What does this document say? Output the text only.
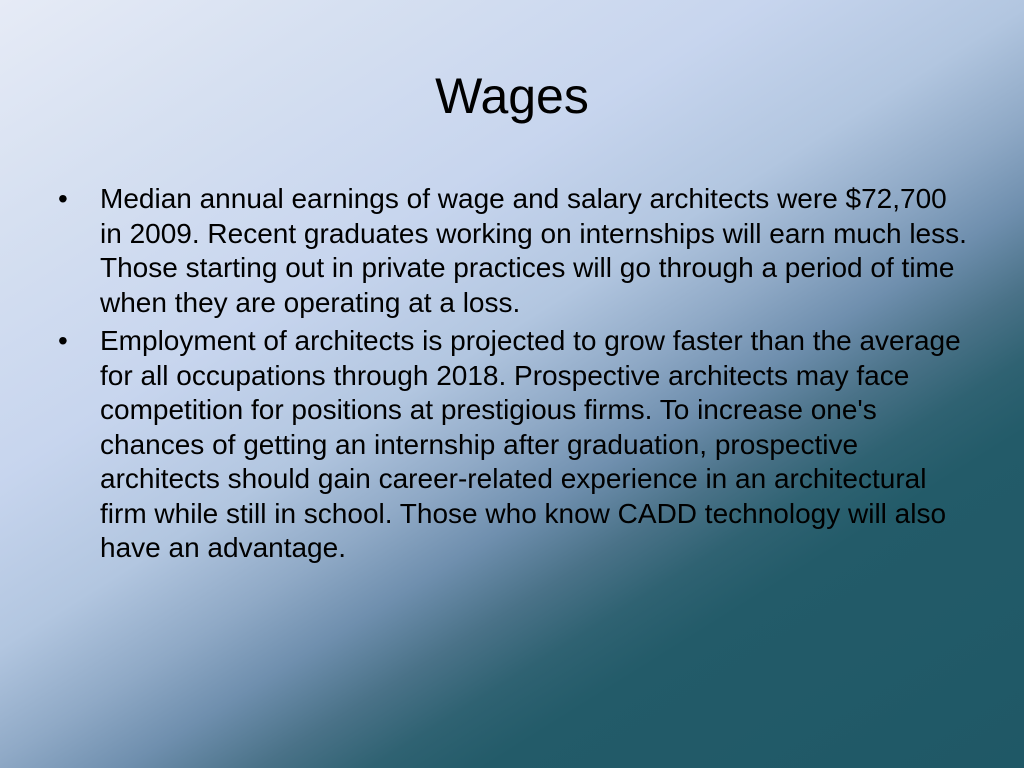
Wages
•	Median annual earnings of wage and salary architects were $72,700 in 2009. Recent graduates working on internships will earn much less. Those starting out in private practices will go through a period of time when they are operating at a loss.
•	Employment of architects is projected to grow faster than the average for all occupations through 2018. Prospective architects may face competition for positions at prestigious firms. To increase one's chances of getting an internship after graduation, prospective architects should gain career-related experience in an architectural firm while still in school. Those who know CADD technology will also have an advantage.
